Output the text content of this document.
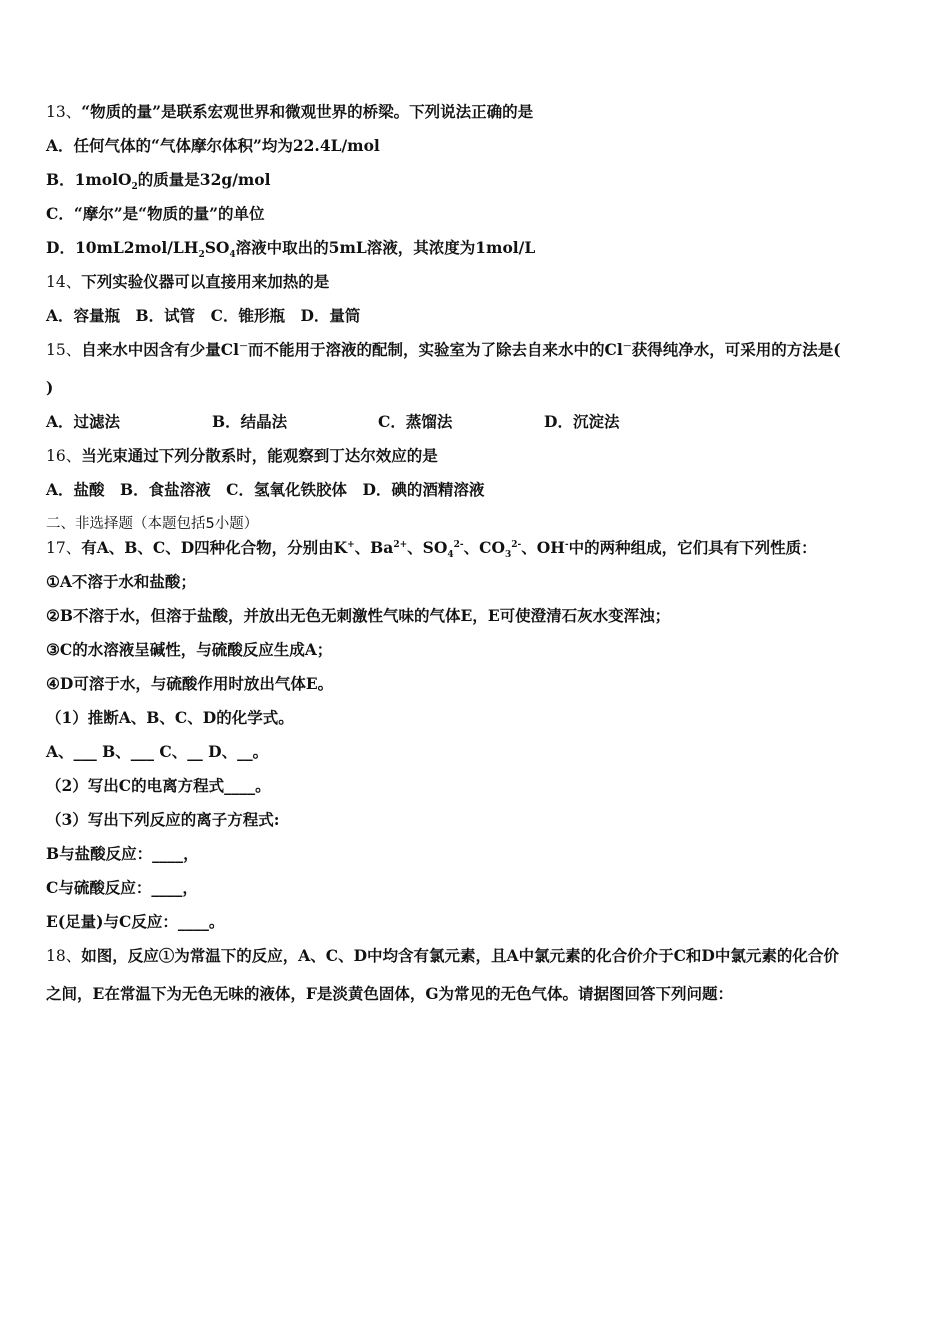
13、“物质的量”是联系宏观世界和微观世界的桥梁。下列说法正确的是
A．任何气体的“气体摩尔体积”均为22.4L/mol
B．1molO$_2$的质量是32g/mol
C．“摩尔”是“物质的量”的单位
D．$10mL2mol/LH_2SO_4$溶液中取出的5mL溶液，其浓度为1mol/L
14、下列实验仪器可以直接用来加热的是
A．容量瓶　B．试管　C．锥形瓶　D．量筒
15、自来水中因含有少量Cl－而不能用于溶液的配制，实验室为了除去自来水中的Cl－获得纯净水，可采用的方法是(
)
A．过滤法	B．结晶法	C．蒸馏法	D．沉淀法
16、当光束通过下列分散系时，能观察到丁达尔效应的是
A．盐酸　B．食盐溶液　C．氢氧化铁胶体　D．碘的酒精溶液
二、非选择题（本题包括5小题）
17、有A、B、C、D四种化合物，分别由K+、$Ba^{2+}$、$SO_4^{2-}$、$CO_3^{2-}$、OH-中的两种组成，它们具有下列性质：
①A不溶于水和盐酸；
②B不溶于水，但溶于盐酸，并放出无色无刺激性气味的气体E，E可使澄清石灰水变浑浊；
③C的水溶液呈碱性，与硫酸反应生成A；
④D可溶于水，与硫酸作用时放出气体E。
（1）推断A、B、C、D的化学式。
A、___ B、___ C、__ D、__。
（2）写出C的电离方程式____。
（3）写出下列反应的离子方程式:
B与盐酸反应：____，
C与硫酸反应：____，
E(足量)与C反应：____。
18、如图，反应①为常温下的反应，A、C、D中均含有氯元素，且A中氯元素的化合价介于C和D中氯元素的化合价
之间，E在常温下为无色无味的液体，F是淡黄色固体，G为常见的无色气体。请据图回答下列问题：
